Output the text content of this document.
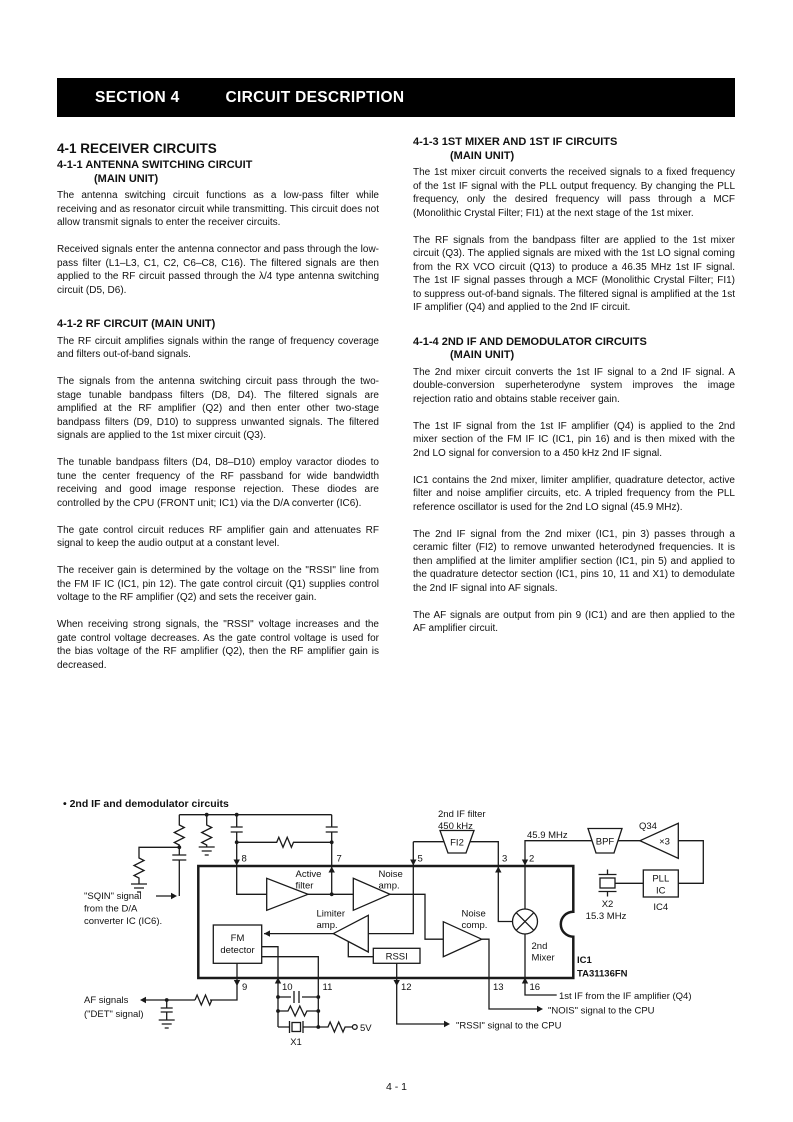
SECTION 4	CIRCUIT DESCRIPTION
4-1 RECEIVER CIRCUITS
4-1-1 ANTENNA SWITCHING CIRCUIT
(MAIN UNIT)

The antenna switching circuit functions as a low-pass filter while receiving and as resonator circuit while transmitting. This circuit does not allow transmit signals to enter the receiver circuits.

Received signals enter the antenna connector and pass through the low-pass filter (L1–L3, C1, C2, C6–C8, C16). The filtered signals are then applied to the RF circuit passed through the λ/4 type antenna switching circuit (D5, D6).

4-1-2 RF CIRCUIT (MAIN UNIT)

The RF circuit amplifies signals within the range of frequency coverage and filters out-of-band signals.

The signals from the antenna switching circuit pass through the two-stage tunable bandpass filters (D8, D4). The filtered signals are amplified at the RF amplifier (Q2) and then enter other two-stage bandpass filters (D9, D10) to suppress unwanted signals. The filtered signals are applied to the 1st mixer circuit (Q3).

The tunable bandpass filters (D4, D8–D10) employ varactor diodes to tune the center frequency of the RF passband for wide bandwidth receiving and good image response rejection. These diodes are controlled by the CPU (FRONT unit; IC1) via the D/A converter (IC6).

The gate control circuit reduces RF amplifier gain and attenuates RF signal to keep the audio output at a constant level.

The receiver gain is determined by the voltage on the "RSSI" line from the FM IF IC (IC1, pin 12). The gate control circuit (Q1) supplies control voltage to the RF amplifier (Q2) and sets the receiver gain.

When receiving strong signals, the "RSSI" voltage increases and the gate control voltage decreases. As the gate control voltage is used for the bias voltage of the RF amplifier (Q2), then the RF amplifier gain is decreased.

4-1-3 1ST MIXER AND 1ST IF CIRCUITS
(MAIN UNIT)

The 1st mixer circuit converts the received signals to a fixed frequency of the 1st IF signal with the PLL output frequency. By changing the PLL frequency, only the desired frequency will pass through a MCF (Monolithic Crystal Filter; FI1) at the next stage of the 1st mixer.

The RF signals from the bandpass filter are applied to the 1st mixer circuit (Q3). The applied signals are mixed with the 1st LO signal coming from the RX VCO circuit (Q13) to produce a 46.35 MHz 1st IF signal. The 1st IF signal passes through a MCF (Monolithic Crystal Filter; FI1) to suppress out-of-band signals. The filtered signal is amplified at the 1st IF amplifier (Q4) and applied to the 2nd IF circuit.

4-1-4 2ND IF AND DEMODULATOR CIRCUITS
(MAIN UNIT)

The 2nd mixer circuit converts the 1st IF signal to a 2nd IF signal. A double-conversion superheterodyne system improves the image rejection ratio and obtains stable receiver gain.

The 1st IF signal from the 1st IF amplifier (Q4) is applied to the 2nd mixer section of the FM IF IC (IC1, pin 16) and is then mixed with the 2nd LO signal for conversion to a 450 kHz 2nd IF signal.

IC1 contains the 2nd mixer, limiter amplifier, quadrature detector, active filter and noise amplifier circuits, etc. A tripled frequency from the PLL reference oscillator is used for the 2nd LO signal (45.9 MHz).

The 2nd IF signal from the 2nd mixer (IC1, pin 3) passes through a ceramic filter (FI2) to remove unwanted heterodyned frequencies. It is then amplified at the limiter amplifier section (IC1, pin 5) and applied to the quadrature detector section (IC1, pins 10, 11 and X1) to demodulate the 2nd IF signal into AF signals.

The AF signals are output from pin 9 (IC1) and are then applied to the AF amplifier circuit.

• 2nd IF and demodulator circuits
2nd IF filter
450 kHz
FI2
45.9 MHz
BPF
Q34
×3
PLL
IC
IC4
X2
15.3 MHz
8	7	5	3 2
Active
filter
Noise
amp.
Limiter
amp.
FM
detector
RSSI
Noise
comp.
2nd
Mixer IC1
TA31136FN
9	10	11	12	13	16
"SQIN" signal
from the D/A
converter IC (IC6).
AF signals
("DET" signal)
X1
5V
1st IF from the IF amplifier (Q4)
"NOIS" signal to the CPU
"RSSI" signal to the CPU
4 - 1
